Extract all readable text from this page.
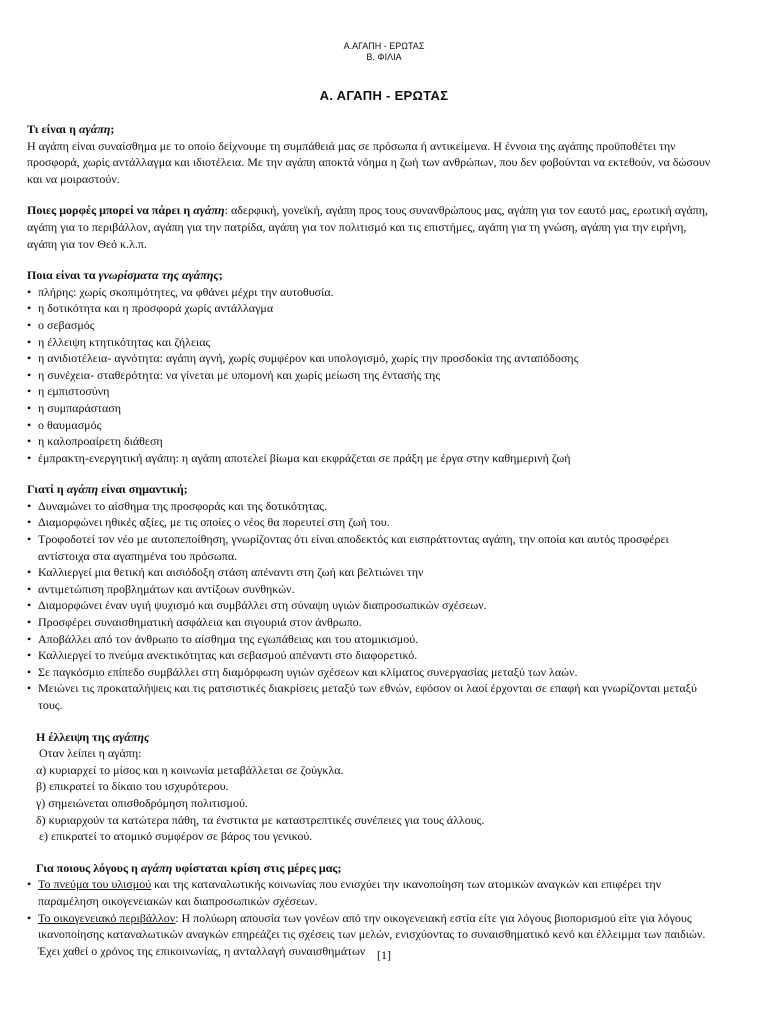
Α.ΑΓΑΠΗ - ΕΡΩΤΑΣ
Β. ΦΙΛΙΑ
Α. ΑΓΑΠΗ - ΕΡΩΤΑΣ
Τι είναι η αγάπη;

Η αγάπη είναι συναίσθημα με το οποίο δείχνουμε τη συμπάθειά μας σε πρόσωπα ή αντικείμενα. Η έννοια της αγάπης προϋποθέτει την προσφορά, χωρίς αντάλλαγμα και ιδιοτέλεια. Με την αγάπη αποκτά νόημα η ζωή των ανθρώπων, που δεν φοβούνται να εκτεθούν, να δώσουν και να μοιραστούν.

Ποιες μορφές μπορεί να πάρει η αγάπη: αδερφική, γονεϊκή, αγάπη προς τους συνανθρώπους μας, αγάπη για τον εαυτό μας, ερωτική αγάπη, αγάπη για το περιβάλλον, αγάπη για την πατρίδα, αγάπη για τον πολιτισμό και τις επιστήμες, αγάπη για τη γνώση, αγάπη για την ειρήνη, αγάπη για τον Θεό κ.λ.π.

Ποια είναι τα γνωρίσματα της αγάπης;
• πλήρης: χωρίς σκοπιμότητες, να φθάνει μέχρι την αυτοθυσία.
• η δοτικότητα και η προσφορά χωρίς αντάλλαγμα
• ο σεβασμός
• η έλλειψη κτητικότητας και ζήλειας
• η ανιδιοτέλεια- αγνότητα: αγάπη αγνή, χωρίς συμφέρον και υπολογισμό, χωρίς την προσδοκία της ανταπόδοσης
• η συνέχεια- σταθερότητα: να γίνεται με υπομονή και χωρίς μείωση της έντασής της
• η εμπιστοσύνη
• η συμπαράσταση
• ο θαυμασμός
• η καλοπροαίρετη διάθεση
• έμπρακτη-ενεργητική αγάπη: η αγάπη αποτελεί βίωμα και εκφράζεται σε πράξη με έργα στην καθημερινή ζωή
Γιατί η αγάπη είναι σημαντική;
• Δυναμώνει το αίσθημα της προσφοράς και της δοτικότητας.
• Διαμορφώνει ηθικές αξίες, με τις οποίες ο νέος θα πορευτεί στη ζωή του.
• Τροφοδοτεί τον νέο με αυτοπεποίθηση, γνωρίζοντας ότι είναι αποδεκτός και εισπράττοντας αγάπη, την οποία και αυτός προσφέρει αντίστοιχα στα αγαπημένα του πρόσωπα.
• Καλλιεργεί μια θετική και αισιόδοξη στάση απέναντι στη ζωή και βελτιώνει την
• αντιμετώπιση προβλημάτων και αντίξοων συνθηκών.
• Διαμορφώνει έναν υγιή ψυχισμό και συμβάλλει στη σύναψη υγιών διαπροσωπικών σχέσεων.
• Προσφέρει συναισθηματική ασφάλεια και σιγουριά στον άνθρωπο.
• Αποβάλλει από τον άνθρωπο το αίσθημα της εγωπάθειας και του ατομικισμού.
• Καλλιεργεί το πνεύμα ανεκτικότητας και σεβασμού απέναντι στο διαφορετικό.
• Σε παγκόσμιο επίπεδο συμβάλλει στη διαμόρφωση υγιών σχέσεων και κλίματος συνεργασίας μεταξύ των λαών.
• Μειώνει τις προκαταλήψεις και τις ρατσιστικές διακρίσεις μεταξύ των εθνών, εφόσον οι λαοί έρχονται σε επαφή και γνωρίζονται μεταξύ τους.
Η έλλειψη της αγάπης
Οταν λείπει η αγάπη:
α) κυριαρχεί το μίσος και η κοινωνία μεταβάλλεται σε ζούγκλα.
β) επικρατεί το δίκαιο του ισχυρότερου.
γ) σημειώνεται οπισθοδρόμηση πολιτισμού.
δ) κυριαρχούν τα κατώτερα πάθη, τα ένστικτα με καταστρεπτικές συνέπειες για τους άλλους.
ε) επικρατεί το ατομικό συμφέρον σε βάρος του γενικού.
Για ποιους λόγους η αγάπη υφίσταται κρίση στις μέρες μας;
• Το πνεύμα του υλισμού και της καταναλωτικής κοινωνίας που ενισχύει την ικανοποίηση των ατομικών αναγκών και επιφέρει την παραμέληση οικογενειακών και διαπροσωπικών σχέσεων.
• Το οικογενειακό περιβάλλον: Η πολύωρη απουσία των γονέων από την οικογενειακή εστία είτε για λόγους βιοπορισμού είτε για λόγους ικανοποίησης καταναλωτικών αναγκών επηρεάζει τις σχέσεις των μελών, ενισχύοντας το συναισθηματικό κενό και έλλειμμα των παιδιών. Έχει χαθεί ο χρόνος της επικοινωνίας, η ανταλλαγή συναισθημάτων [1]
